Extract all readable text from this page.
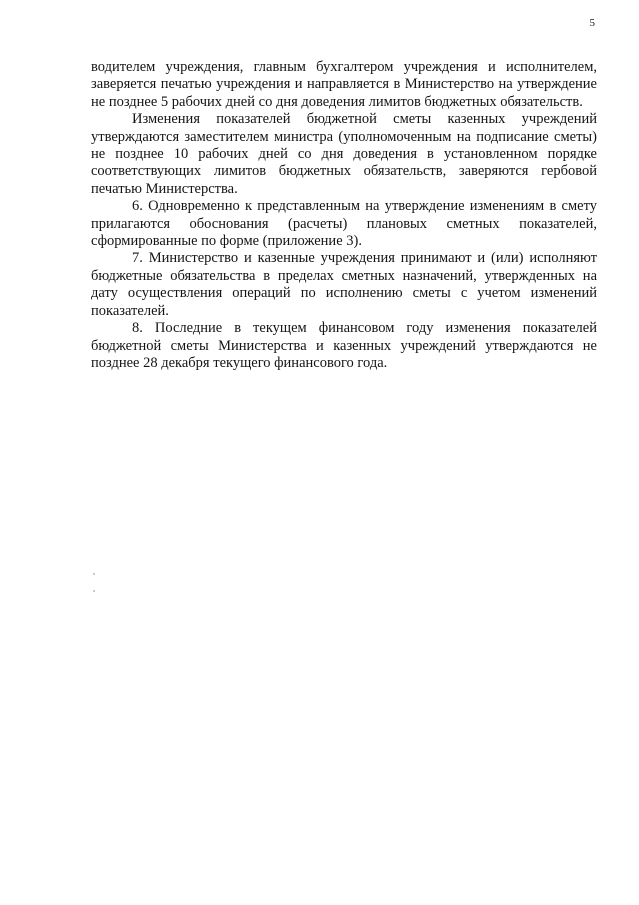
5

водителем учреждения, главным бухгалтером учреждения и исполнителем, заверяется печатью учреждения и направляется в Министерство на утверждение не позднее 5 рабочих дней со дня доведения лимитов бюджетных обязательств.

Изменения показателей бюджетной сметы казенных учреждений утверждаются заместителем министра (уполномоченным на подписание сметы) не позднее 10 рабочих дней со дня доведения в установленном порядке соответствующих лимитов бюджетных обязательств, заверяются гербовой печатью Министерства.

6. Одновременно к представленным на утверждение изменениям в смету прилагаются обоснования (расчеты) плановых сметных показателей, сформированные по форме (приложение 3).

7. Министерство и казенные учреждения принимают и (или) исполняют бюджетные обязательства в пределах сметных назначений, утвержденных на дату осуществления операций по исполнению сметы с учетом изменений показателей.

8. Последние в текущем финансовом году изменения показателей бюджетной сметы Министерства и казенных учреждений утверждаются не позднее 28 декабря текущего финансового года.
